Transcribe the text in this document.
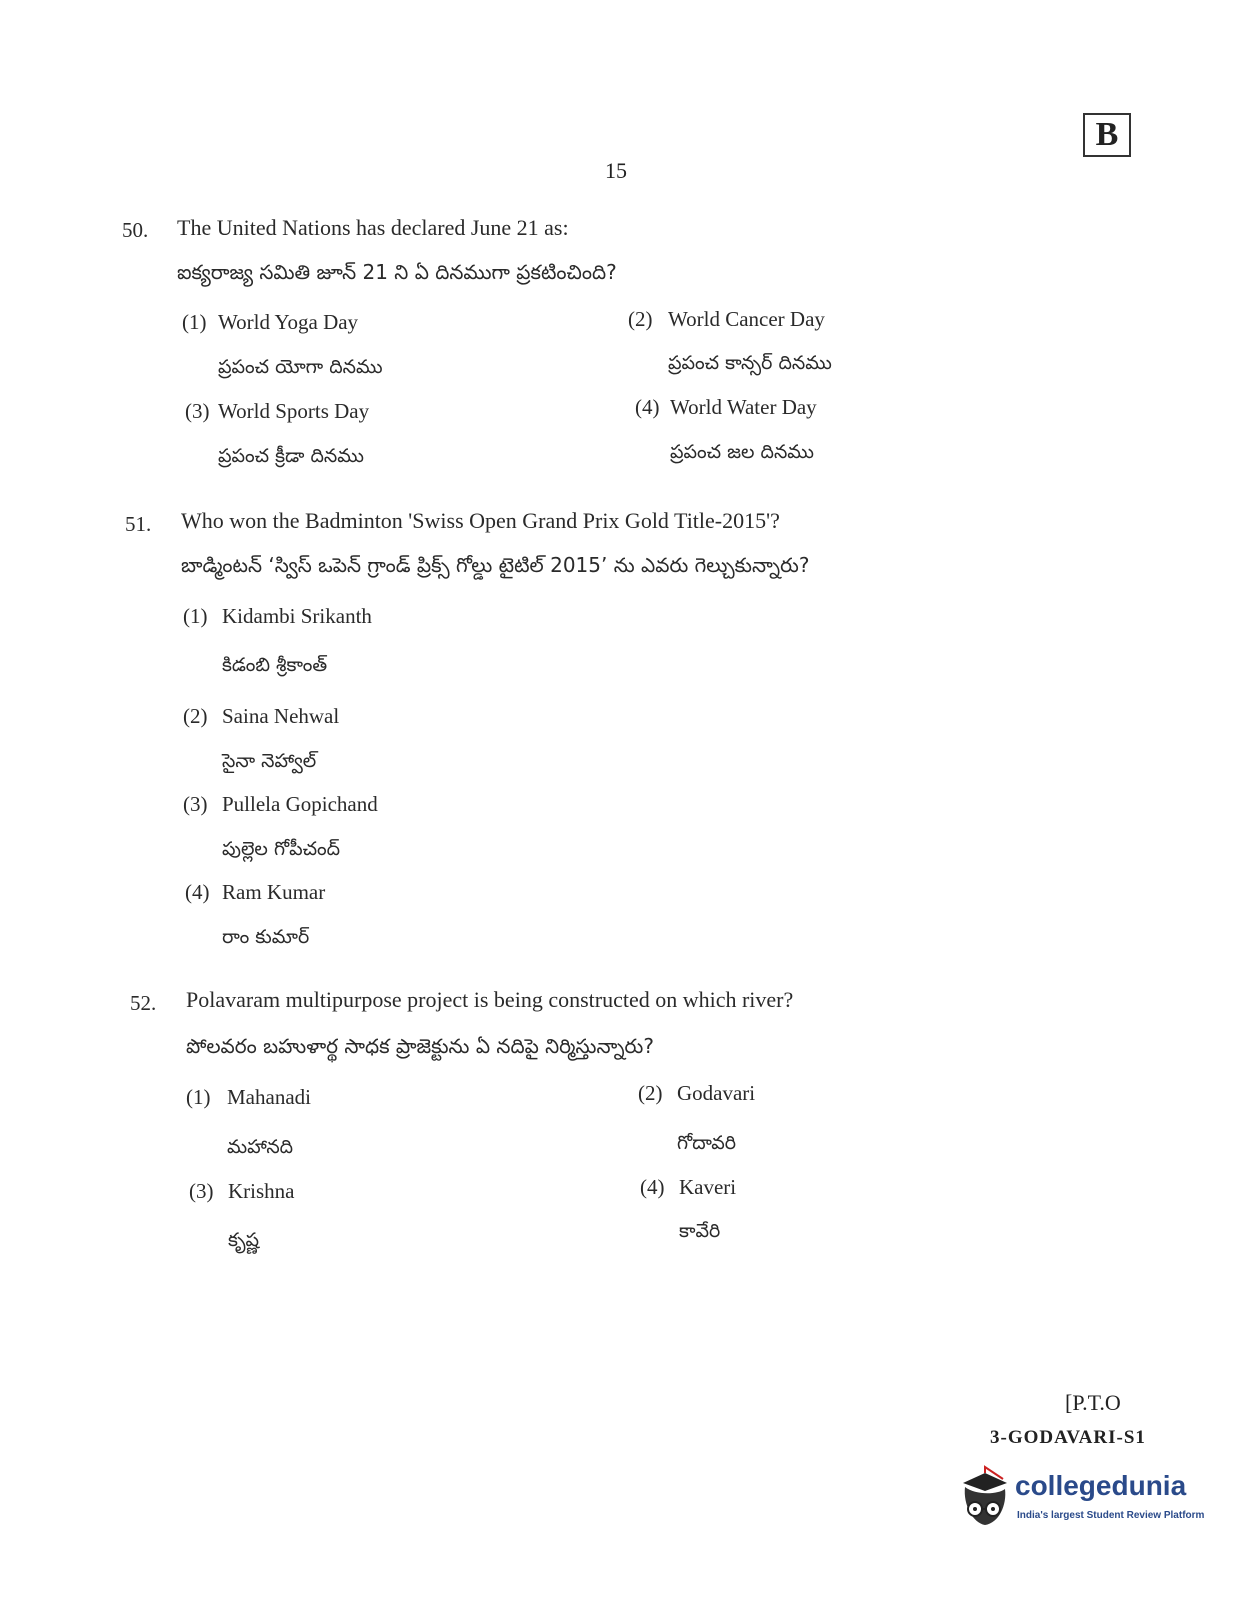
B
15
50. The United Nations has declared June 21 as:
ఐక్యరాజ్య సమితి జూన్ 21 ని ఏ దినముగా ప్రకటించింది?
(1) World Yoga Day
ప్రపంచ యోగా దినము
(2) World Cancer Day
ప్రపంచ కాన్సర్ దినము
(3) World Sports Day
ప్రపంచ క్రీడా దినము
(4) World Water Day
ప్రపంచ జల దినము
51. Who won the Badminton 'Swiss Open Grand Prix Gold Title-2015'?
బాడ్మింటన్ ‘స్విస్ ఒపెన్ గ్రాండ్ ప్రిక్స్ గోల్డు టైటిల్ 2015’ ను ఎవరు గెల్చుకున్నారు?
(1) Kidambi Srikanth
కిడంబి శ్రీకాంత్
(2) Saina Nehwal
సైనా నెహ్వాల్
(3) Pullela Gopichand
పుల్లెల గోపీచంద్
(4) Ram Kumar
రాం కుమార్
52. Polavaram multipurpose project is being constructed on which river?
పోలవరం బహుళార్థ సాధక ప్రాజెక్టును ఏ నదిపై నిర్మిస్తున్నారు?
(1) Mahanadi
మహానది
(2) Godavari
గోదావరి
(3) Krishna
కృష్ణ
(4) Kaveri
కావేరి
[P.T.O
3-GODAVARI-S1
collegedunia
India's largest Student Review Platform
